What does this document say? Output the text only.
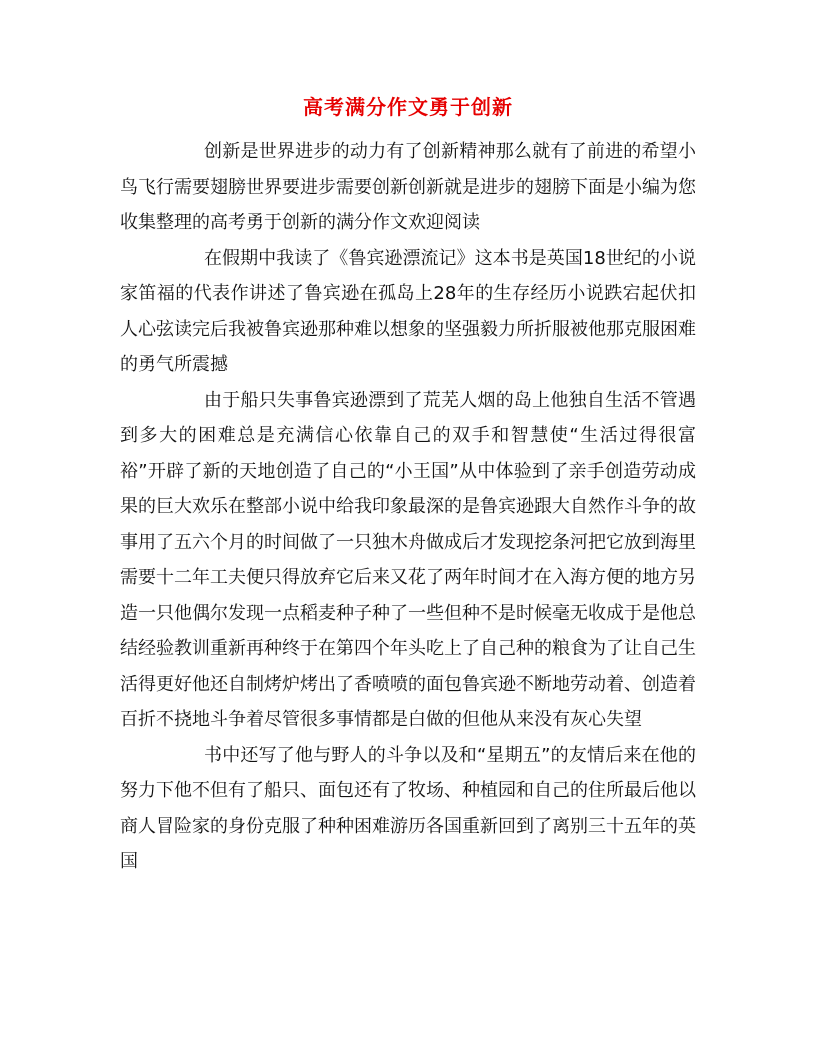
高考满分作文勇于创新

创新是世界进步的动力有了创新精神那么就有了前进的希望小鸟飞行需要翅膀世界要进步需要创新创新就是进步的翅膀下面是小编为您收集整理的高考勇于创新的满分作文欢迎阅读

在假期中我读了《鲁宾逊漂流记》这本书是英国18世纪的小说家笛福的代表作讲述了鲁宾逊在孤岛上28年的生存经历小说跌宕起伏扣人心弦读完后我被鲁宾逊那种难以想象的坚强毅力所折服被他那克服困难的勇气所震撼

由于船只失事鲁宾逊漂到了荒芜人烟的岛上他独自生活不管遇到多大的困难总是充满信心依靠自己的双手和智慧使“生活过得很富裕”开辟了新的天地创造了自己的“小王国”从中体验到了亲手创造劳动成果的巨大欢乐在整部小说中给我印象最深的是鲁宾逊跟大自然作斗争的故事用了五六个月的时间做了一只独木舟做成后才发现挖条河把它放到海里需要十二年工夫便只得放弃它后来又花了两年时间才在入海方便的地方另造一只他偶尔发现一点稻麦种子种了一些但种不是时候毫无收成于是他总结经验教训重新再种终于在第四个年头吃上了自己种的粮食为了让自己生活得更好他还自制烤炉烤出了香喷喷的面包鲁宾逊不断地劳动着、创造着百折不挠地斗争着尽管很多事情都是白做的但他从来没有灰心失望

书中还写了他与野人的斗争以及和“星期五”的友情后来在他的努力下他不但有了船只、面包还有了牧场、种植园和自己的住所最后他以商人冒险家的身份克服了种种困难游历各国重新回到了离别三十五年的英国
